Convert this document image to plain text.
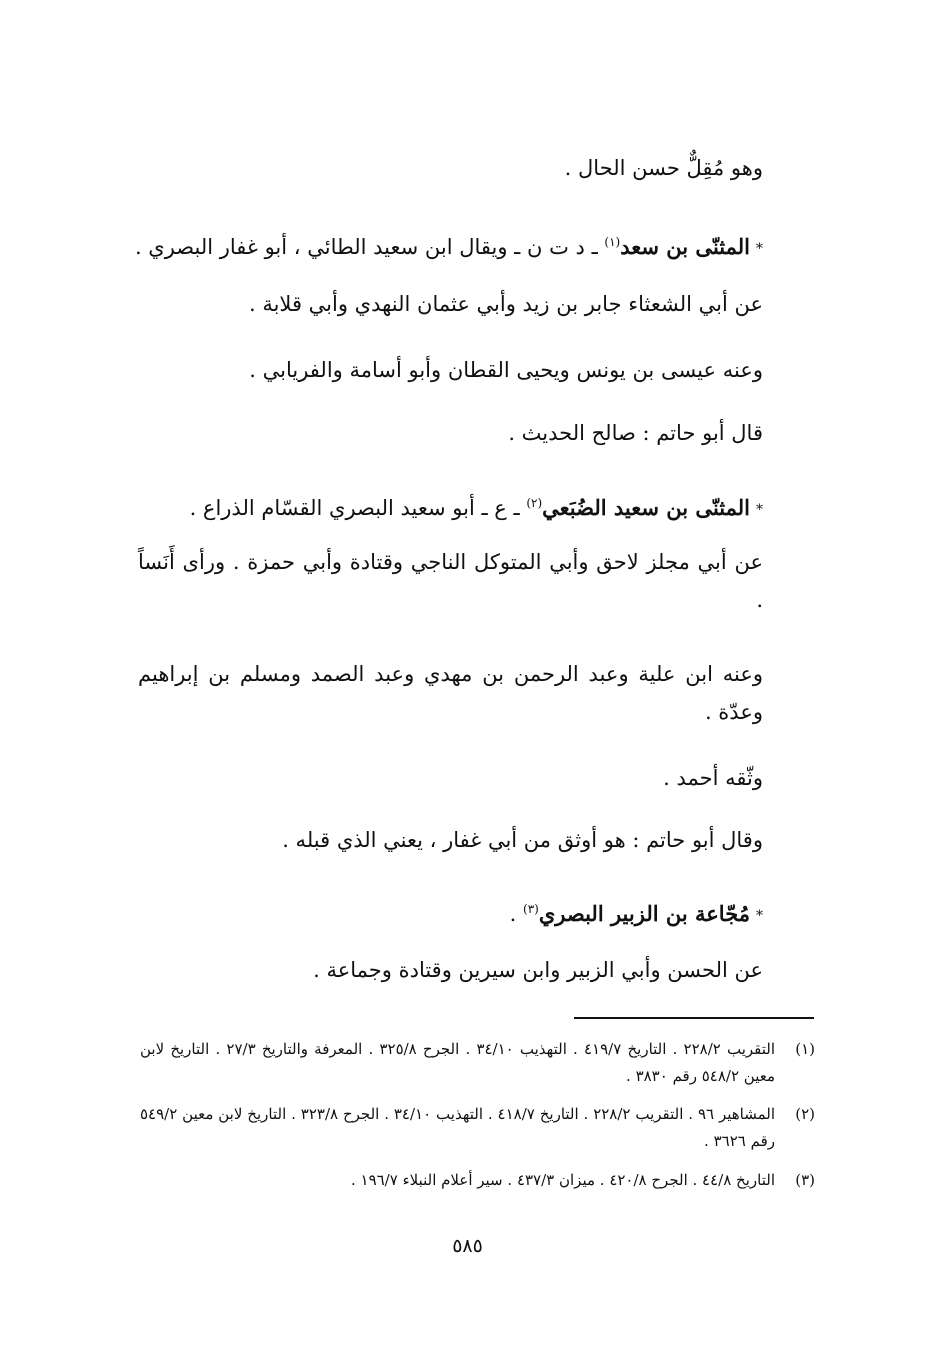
وهو مُقِلٌّ حسن الحال .
*المثنّى بن سعد$^{(١)}$ ـ د ت ن ـ ويقال ابن سعيد الطائي ، أبو غفار البصري .
عن أبي الشعثاء جابر بن زيد وأبي عثمان النهدي وأبي قلابة .
وعنه عيسى بن يونس ويحيى القطان وأبو أسامة والفريابي .
قال أبو حاتم : صالح الحديث .
*المثنّى بن سعيد الضُبَعي$^{(٢)}$ ـ ع ـ أبو سعيد البصري القسّام الذراع .
عن أبي مجلز لاحق وأبي المتوكل الناجي وقتادة وأبي حمزة . ورأى أَنَساً .
وعنه ابن علية وعبد الرحمن بن مهدي وعبد الصمد ومسلم بن إبراهيم وعدّة .
وثّقه أحمد .
وقال أبو حاتم : هو أوثق من أبي غفار ، يعني الذي قبله .
*مُجّاعة بن الزبير البصري$^{(٣)}$ .
عن الحسن وأبي الزبير وابن سيرين وقتادة وجماعة .
(١)
التقريب ٢٢٨/٢ . التاريخ ٤١٩/٧ . التهذيب ٣٤/١٠ . الجرح ٣٢٥/٨ . المعرفة والتاريخ ٢٧/٣ . التاريخ لابن معين ٥٤٨/٢ رقم ٣٨٣٠ .
(٢)
المشاهير ٩٦ . التقريب ٢٢٨/٢ . التاريخ ٤١٨/٧ . التهذيب ٣٤/١٠ . الجرح ٣٢٣/٨ . التاريخ لابن معين ٥٤٩/٢ رقم ٣٦٢٦ .
(٣)
التاريخ ٤٤/٨ . الجرح ٤٢٠/٨ . ميزان ٤٣٧/٣ . سير أعلام النبلاء ١٩٦/٧ .
٥٨٥
